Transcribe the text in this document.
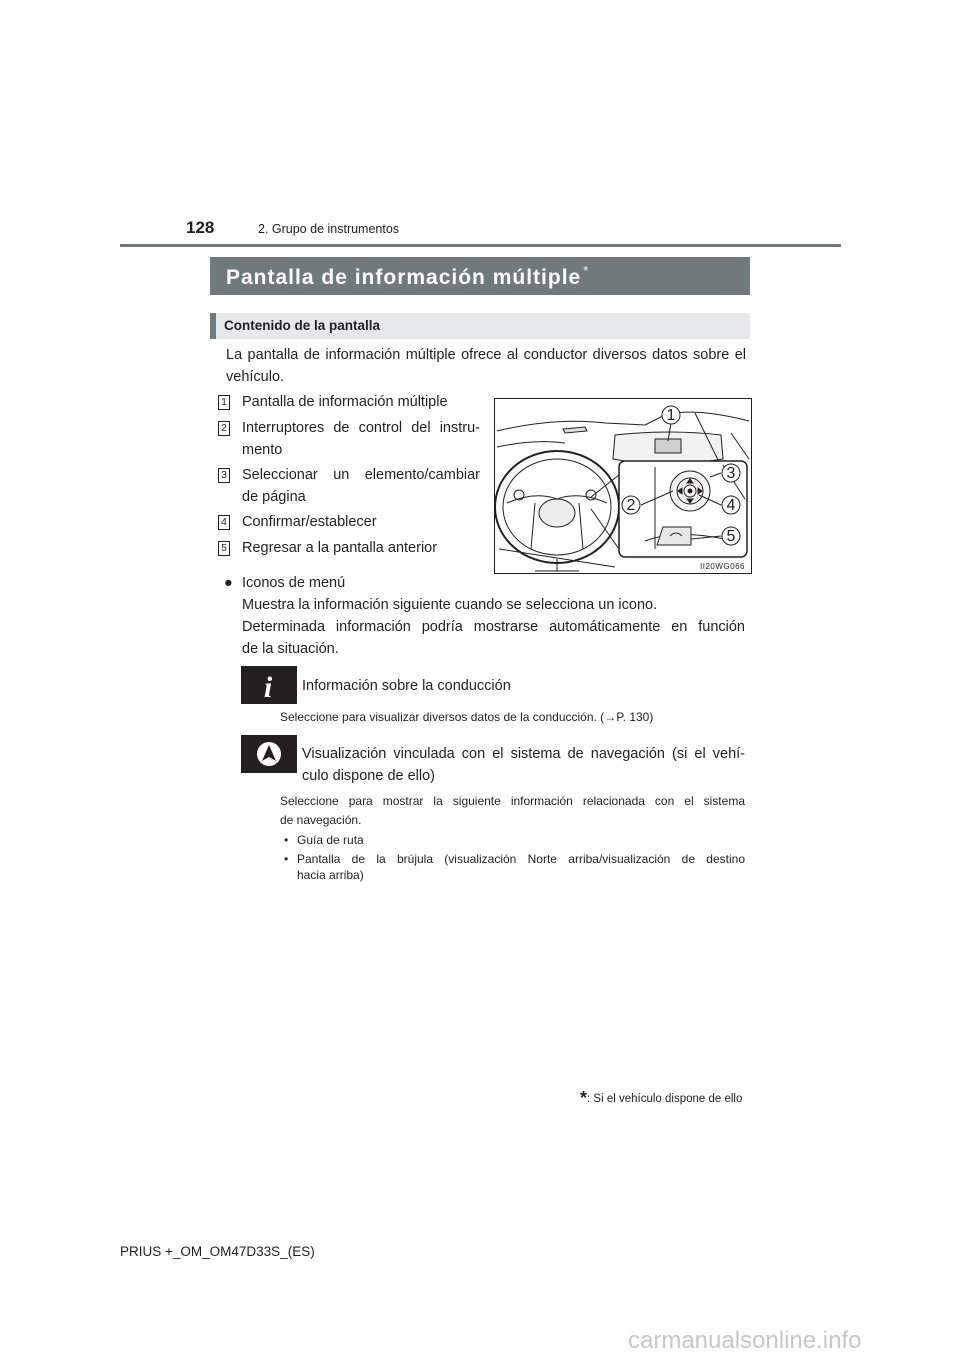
128	2. Grupo de instrumentos
Pantalla de información múltiple *
Contenido de la pantalla
La pantalla de información múltiple ofrece al conductor diversos datos sobre el vehículo.
1 Pantalla de información múltiple
2 Interruptores de control del instru-
mento
3 Seleccionar un elemento/cambiar
de página
4 Confirmar/establecer
5 Regresar a la pantalla anterior
1
2
3
4
5
II20WG066
● Iconos de menú
Muestra la información siguiente cuando se selecciona un icono.
Determinada información podría mostrarse automáticamente en función
de la situación.
i Información sobre la conducción
Seleccione para visualizar diversos datos de la conducción. (→P. 130)
Visualización vinculada con el sistema de navegación (si el vehí-
culo dispone de ello)
Seleccione para mostrar la siguiente información relacionada con el sistema
de navegación.
• Guía de ruta
• Pantalla de la brújula (visualización Norte arriba/visualización de destino
hacia arriba)
*: Si el vehículo dispone de ello
PRIUS +_OM_OM47D33S_(ES)
carmanualsonline.info
